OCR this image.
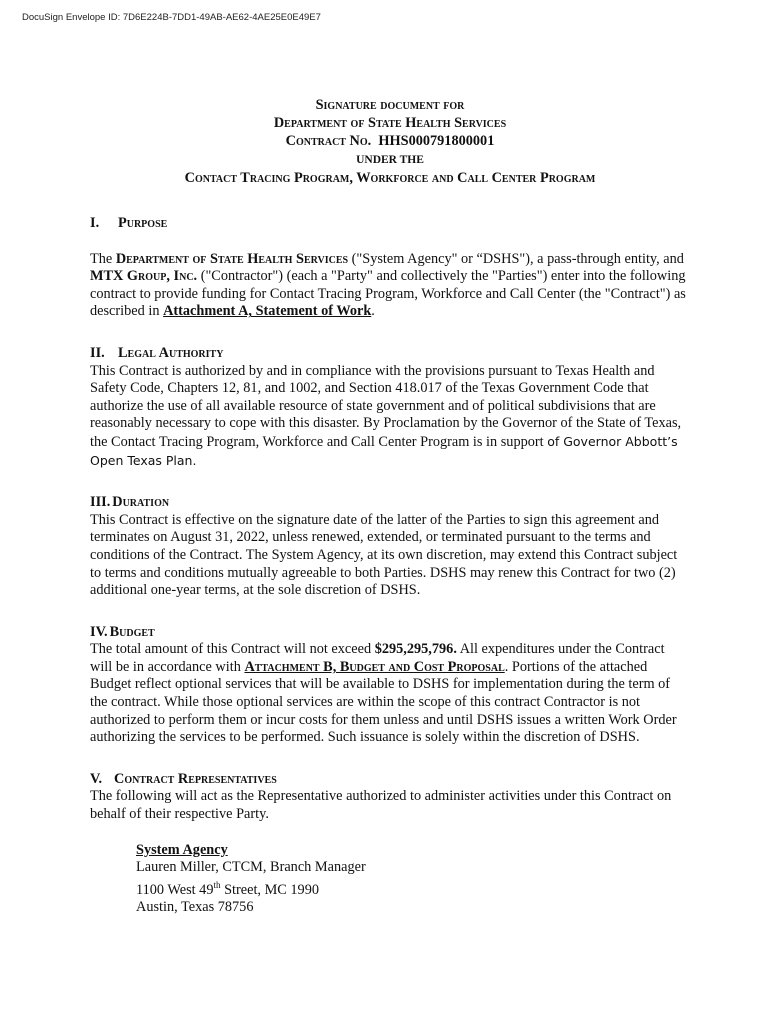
DocuSign Envelope ID: 7D6E224B-7DD1-49AB-AE62-4AE25E0E49E7
Signature document for
Department of State Health Services
Contract No. HHS000791800001
UNDER THE
Contact Tracing Program, Workforce and Call Center Program
I. Purpose

The Department of State Health Services ("System Agency" or “DSHS"), a pass-through entity, and MTX Group, Inc. ("Contractor") (each a "Party" and collectively the "Parties") enter into the following contract to provide funding for Contact Tracing Program, Workforce and Call Center (the "Contract") as described in Attachment A, Statement of Work.

II. Legal Authority

This Contract is authorized by and in compliance with the provisions pursuant to Texas Health and Safety Code, Chapters 12, 81, and 1002, and Section 418.017 of the Texas Government Code that authorize the use of all available resource of state government and of political subdivisions that are reasonably necessary to cope with this disaster. By Proclamation by the Governor of the State of Texas, the Contact Tracing Program, Workforce and Call Center Program is in support of Governor Abbott’s Open Texas Plan.

III. Duration

This Contract is effective on the signature date of the latter of the Parties to sign this agreement and terminates on August 31, 2022, unless renewed, extended, or terminated pursuant to the terms and conditions of the Contract. The System Agency, at its own discretion, may extend this Contract subject to terms and conditions mutually agreeable to both Parties. DSHS may renew this Contract for two (2) additional one-year terms, at the sole discretion of DSHS.

IV. Budget

The total amount of this Contract will not exceed $295,295,796. All expenditures under the Contract will be in accordance with Attachment B, Budget and Cost Proposal. Portions of the attached Budget reflect optional services that will be available to DSHS for implementation during the term of the contract. While those optional services are within the scope of this contract Contractor is not authorized to perform them or incur costs for them unless and until DSHS issues a written Work Order authorizing the services to be performed. Such issuance is solely within the discretion of DSHS.

V. Contract Representatives

The following will act as the Representative authorized to administer activities under this Contract on behalf of their respective Party.

System Agency
Lauren Miller, CTCM, Branch Manager
1100 West 49th Street, MC 1990
Austin, Texas 78756
